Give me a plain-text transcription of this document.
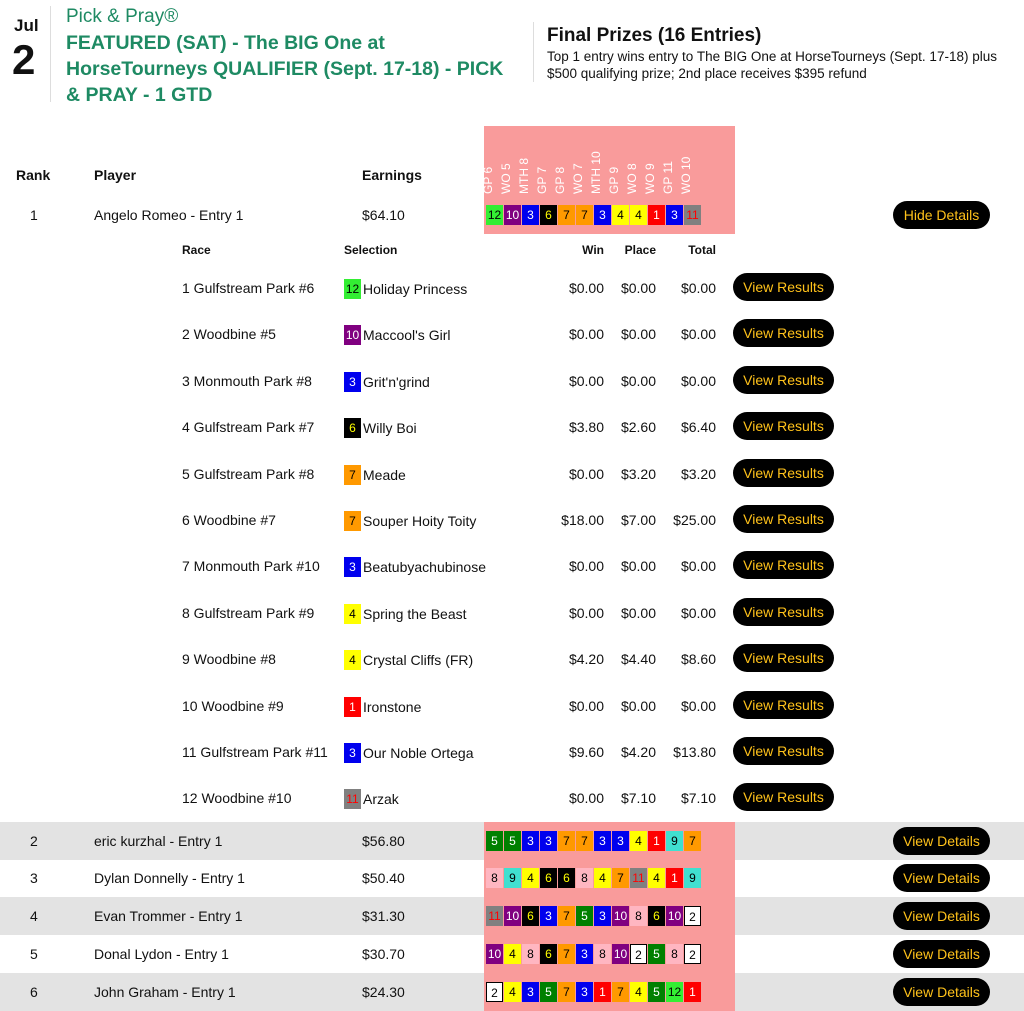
Jul
2
Pick & Pray®
FEATURED (SAT) - The BIG One at HorseTourneys QUALIFIER (Sept. 17-18) - PICK & PRAY - 1 GTD
Final Prizes (16 Entries)
Top 1 entry wins entry to The BIG One at HorseTourneys (Sept. 17-18) plus $500 qualifying prize; 2nd place receives $395 refund
Rank	Player	Earnings	GP 6 WO 5 MTH 8 GP 7 GP 8 WO 7 MTH 10 GP 9 WO 8 WO 9 GP 11 WO 10
1	Angelo Romeo - Entry 1	$64.10	12 10 3 6 7 7 3 4 4 1 3 11	Hide Details
2	eric kurzhal - Entry 1	$56.80	5 5 3 3 7 7 3 3 4 1 9 7	View Details
3	Dylan Donnelly - Entry 1	$50.40	8 9 4 6 6 8 4 7 11 4 1 9	View Details
4	Evan Trommer - Entry 1	$31.30	11 10 6 3 7 5 3 10 8 6 10 2	View Details
5	Donal Lydon - Entry 1	$30.70	10 4 8 6 7 3 8 10 2 5 8 2	View Details
6	John Graham - Entry 1	$24.30	2 4 3 5 7 3 1 7 4 5 12 1	View Details
Race	Selection	Win	Place	Total
1 Gulfstream Park #6	12 Holiday Princess	$0.00	$0.00	$0.00	View Results
2 Woodbine #5	10 Maccool's Girl	$0.00	$0.00	$0.00	View Results
3 Monmouth Park #8	3 Grit'n'grind	$0.00	$0.00	$0.00	View Results
4 Gulfstream Park #7	6 Willy Boi	$3.80	$2.60	$6.40	View Results
5 Gulfstream Park #8	7 Meade	$0.00	$3.20	$3.20	View Results
6 Woodbine #7	7 Souper Hoity Toity	$18.00	$7.00	$25.00	View Results
7 Monmouth Park #10	3 Beatubyachubinose	$0.00	$0.00	$0.00	View Results
8 Gulfstream Park #9	4 Spring the Beast	$0.00	$0.00	$0.00	View Results
9 Woodbine #8	4 Crystal Cliffs (FR)	$4.20	$4.40	$8.60	View Results
10 Woodbine #9	1 Ironstone	$0.00	$0.00	$0.00	View Results
11 Gulfstream Park #11	3 Our Noble Ortega	$9.60	$4.20	$13.80	View Results
12 Woodbine #10	11 Arzak	$0.00	$7.10	$7.10	View Results
